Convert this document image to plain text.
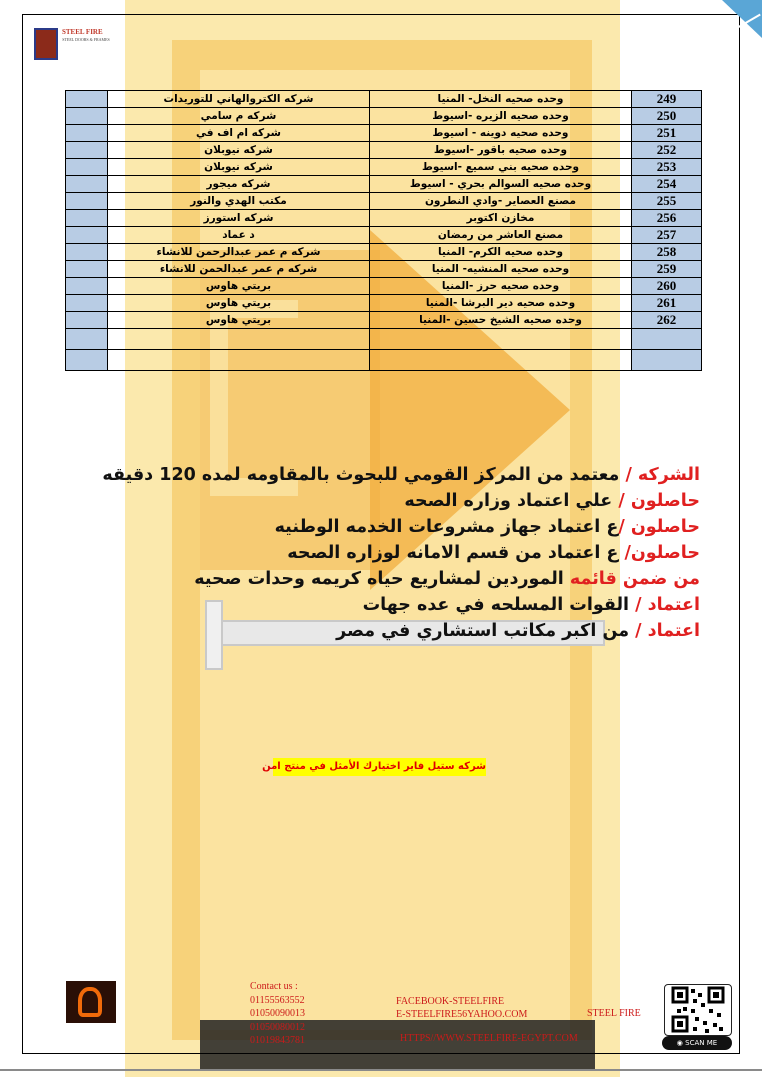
STEEL FIRE
STEEL DOORS & FRAMES
	شركه الكتروالهاني للتوريدات	وحده صحيه النخل- المنيا	249
	شركه م سامي	وحده صحيه الزيره -اسيوط	250
	شركه ام اف في	وحده صحيه دوينه - اسيوط	251
	شركه نيوبلان	وحده صحيه باقور -اسيوط	252
	شركه نيوبلان	وحده صحيه بني سميع -اسيوط	253
	شركه ميجور	وحده صحيه السوالم بحري - اسيوط	254
	مكتب الهدي والنور	مصنع العصاير -وادي النطرون	255
	شركه استورز	مخازن اكتوبر	256
	د عماد	مصنع العاشر من رمضان	257
	شركه م عمر عبدالرحمن للانشاء	وحده صحيه الكرم- المنيا	258
	شركه م عمر عبدالحمن للانشاء	وحده صحيه المنشيه- المنيا	259
	بريتي هاوس	وحده صحيه حرز -المنيا	260
	بريتي هاوس	وحده صحيه دير البرشا -المنيا	261
	بريتي هاوس	وحده صحيه الشيخ حسين -المنيا	262

الشركه / معتمد من المركز القومي للبحوث بالمقاومه لمده 120 دقيقه
حاصلون / علي اعتماد وزاره الصحه
حاصلون /ع اعتماد جهاز مشروعات الخدمه الوطنيه
حاصلون/ ع اعتماد من قسم الامانه لوزاره الصحه
من ضمن قائمه الموردين لمشاريع حياه كريمه وحدات صحيه
اعتماد / القوات المسلحه في عده جهات
اعتماد / من اكبر مكاتب استشاري في مصر
شركه ستيل فاير اختيارك الأمثل في منتج امن
Contact us :
01155563552
01050090013
01050080012
01019843781
FACEBOOK-STEELFIRE
E-STEELFIRE56YAHOO.COM
HTTPS//WWW.STEELFIRE-EGYPT.COM
STEEL FIRE
◉ SCAN ME
